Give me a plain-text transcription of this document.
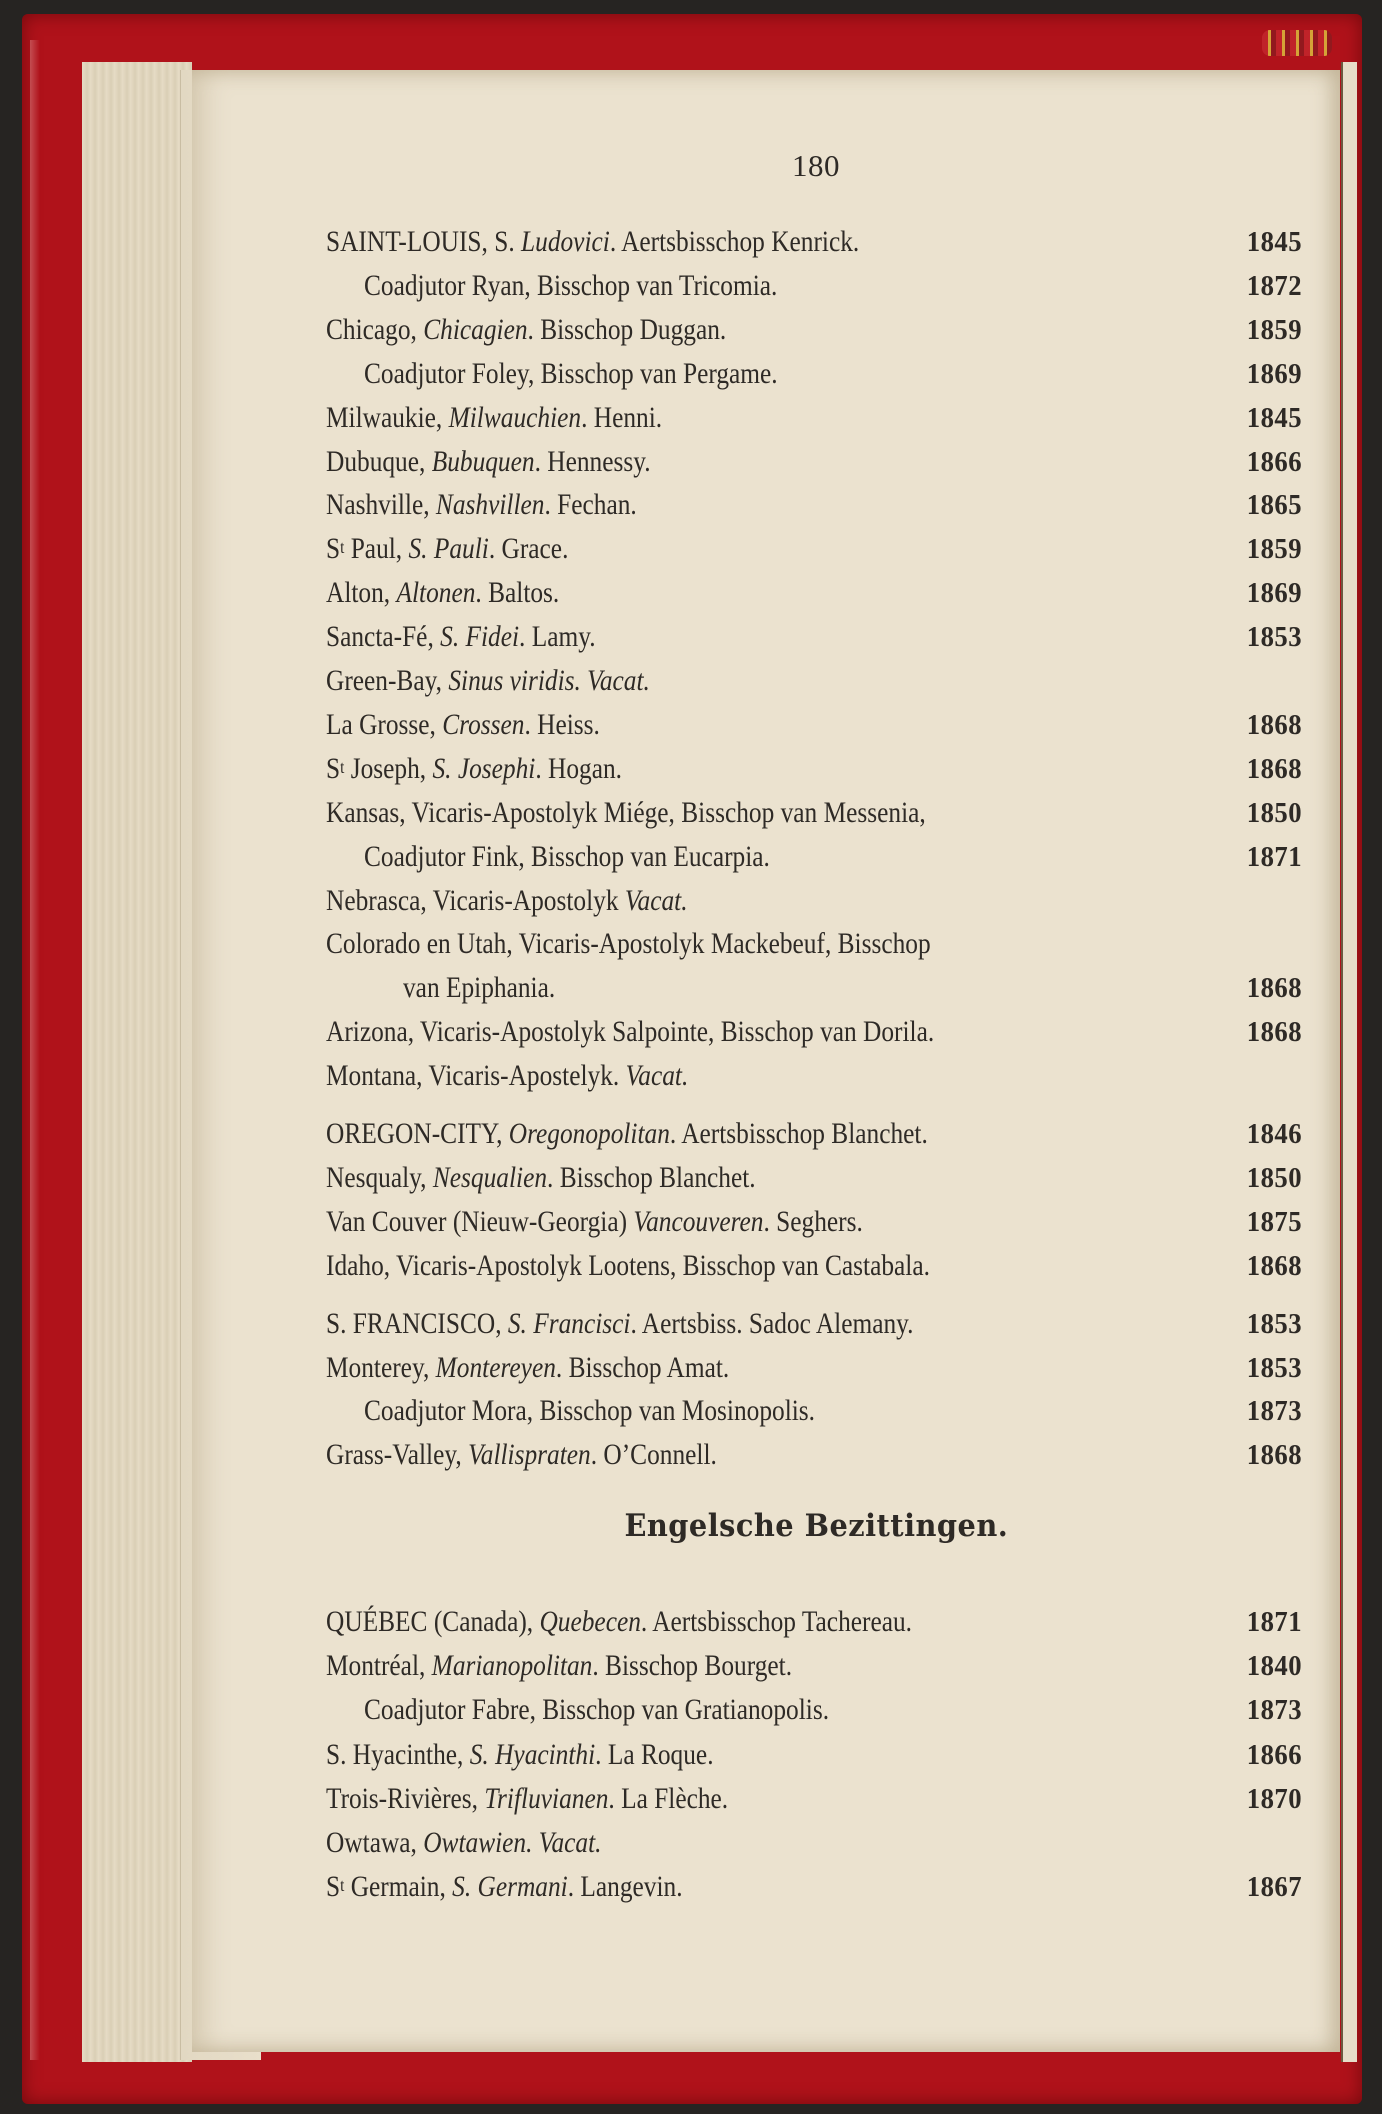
180
SAINT-LOUIS, S. Ludovici. Aertsbisschop Kenrick.	1845
Coadjutor Ryan, Bisschop van Tricomia.	1872
Chicago, Chicagien. Bisschop Duggan.	1859
Coadjutor Foley, Bisschop van Pergame.	1869
Milwaukie, Milwauchien. Henni.	1845
Dubuque, Bubuquen. Hennessy.	1866
Nashville, Nashvillen. Fechan.	1865
$S^t$ Paul, S. Pauli. Grace.	1859
Alton, Altonen. Baltos.	1869
Sancta-Fé, S. Fidei. Lamy.	1853
Green-Bay, Sinus viridis. Vacat.
La Grosse, Crossen. Heiss.	1868
$S^t$ Joseph, S. Josephi. Hogan.	1868
Kansas, Vicaris-Apostolyk Miége, Bisschop van Messenia,	1850
Coadjutor Fink, Bisschop van Eucarpia.	1871
Nebrasca, Vicaris-Apostolyk Vacat.
Colorado en Utah, Vicaris-Apostolyk Mackebeuf, Bisschop
van Epiphania.	1868
Arizona, Vicaris-Apostolyk Salpointe, Bisschop van Dorila.	1868
Montana, Vicaris-Apostelyk. Vacat.
OREGON-CITY, Oregonopolitan. Aertsbisschop Blanchet.	1846
Nesqualy, Nesqualien. Bisschop Blanchet.	1850
Van Couver (Nieuw-Georgia) Vancouveren. Seghers.	1875
Idaho, Vicaris-Apostolyk Lootens, Bisschop van Castabala.	1868
S. FRANCISCO, S. Francisci. Aertsbiss. Sadoc Alemany.	1853
Monterey, Montereyen. Bisschop Amat.	1853
Coadjutor Mora, Bisschop van Mosinopolis.	1873
Grass-Valley, Vallispraten. O’Connell.	1868
Engelsche Bezittingen.
QUÉBEC (Canada), Quebecen. Aertsbisschop Tachereau.	1871
Montréal, Marianopolitan. Bisschop Bourget.	1840
Coadjutor Fabre, Bisschop van Gratianopolis.	1873
S. Hyacinthe, S. Hyacinthi. La Roque.	1866
Trois-Rivières, Trifluvianen. La Flèche.	1870
Owtawa, Owtawien. Vacat.
$S^t$ Germain, S. Germani. Langevin.	1867
